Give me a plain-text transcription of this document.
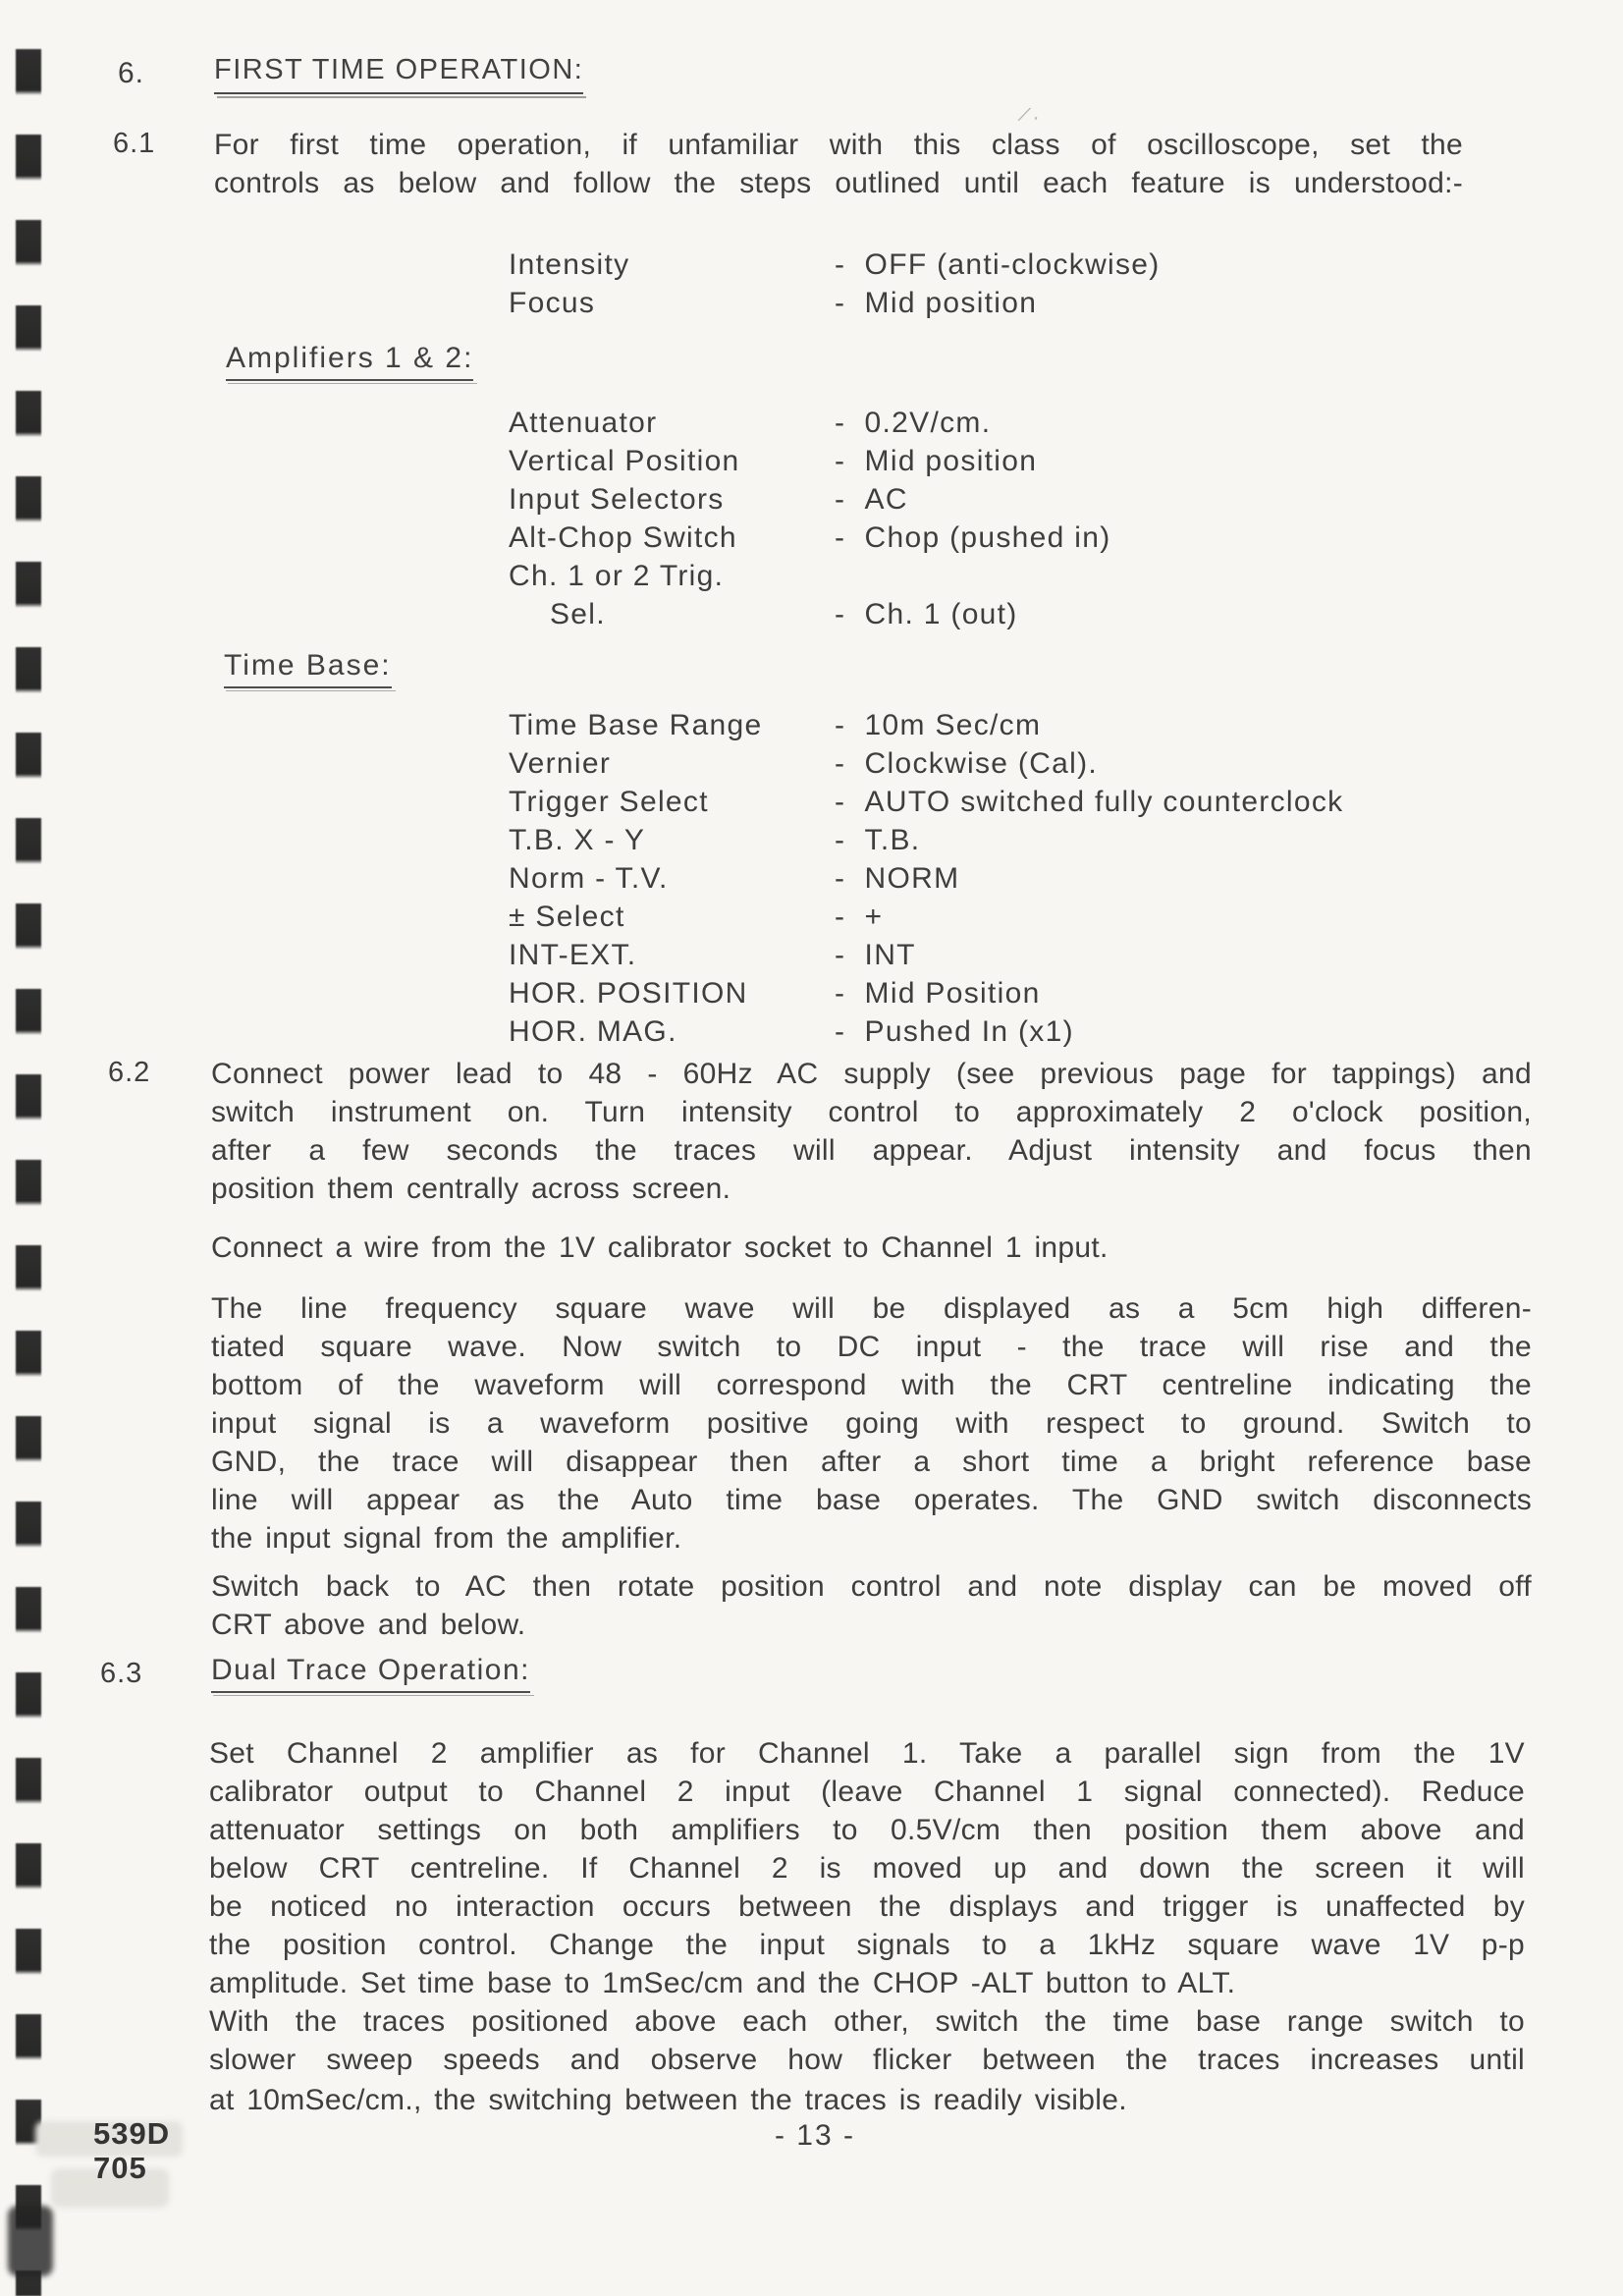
∕·
6. FIRST TIME OPERATION:
6.1 For first time operation, if unfamiliar with this class of oscilloscope, set the
controls as below and follow the steps outlined until each feature is understood:-
Intensity	-  OFF (anti-clockwise)
Focus	-  Mid position
Amplifiers 1 & 2:
Attenuator	-  0.2V/cm.
Vertical Position	-  Mid position
Input Selectors	-  AC
Alt-Chop Switch	-  Chop (pushed in)
Ch. 1 or 2 Trig.
Sel.	-  Ch. 1 (out)
Time Base:
Time Base Range -  10m Sec/cm
Vernier	-  Clockwise (Cal).
Trigger Select	-  AUTO switched fully counterclock
T.B. X - Y	-  T.B.
Norm - T.V.	-  NORM
± Select	-  +
INT-EXT.	-  INT
HOR. POSITION	-  Mid Position
HOR. MAG.	-  Pushed In (x1)
6.2 Connect power lead to 48 - 60Hz AC supply (see previous page for tappings) and
switch instrument on. Turn intensity control to approximately 2 o'clock position,
after a few seconds the traces will appear. Adjust intensity and focus then
position them centrally across screen.
Connect a wire from the 1V calibrator socket to Channel 1 input.
The line frequency square wave will be displayed as a 5cm high differen-
tiated square wave. Now switch to DC input - the trace will rise and the
bottom of the waveform will correspond with the CRT centreline indicating the
input signal is a waveform positive going with respect to ground. Switch to
GND, the trace will disappear then after a short time a bright reference base
line will appear as the Auto time base operates. The GND switch disconnects
the input signal from the amplifier.
Switch back to AC then rotate position control and note display can be moved off
CRT above and below.
6.3 Dual Trace Operation:
Set Channel 2 amplifier as for Channel 1. Take a parallel sign from the 1V
calibrator output to Channel 2 input (leave Channel 1 signal connected). Reduce
attenuator settings on both amplifiers to 0.5V/cm then position them above and
below CRT centreline. If Channel 2 is moved up and down the screen it will
be noticed no interaction occurs between the displays and trigger is unaffected by
the position control. Change the input signals to a 1kHz square wave 1V p-p
amplitude. Set time base to 1mSec/cm and the CHOP -ALT button to ALT.
With the traces positioned above each other, switch the time base range switch to
slower sweep speeds and observe how flicker between the traces increases until
at 10mSec/cm., the switching between the traces is readily visible.
539D
705
- 13 -
